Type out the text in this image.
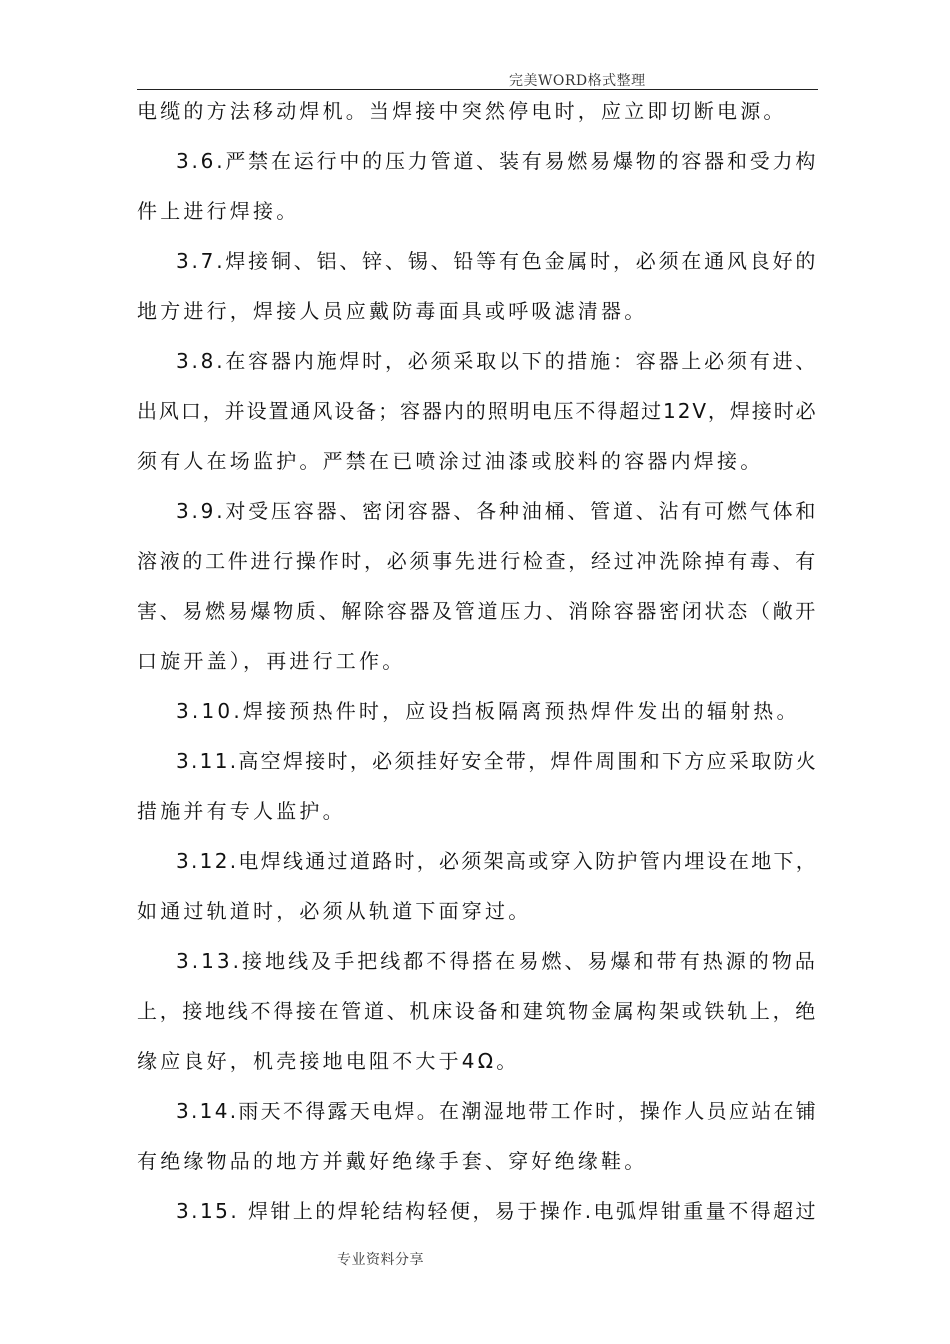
完美WORD格式整理
电缆的方法移动焊机。当焊接中突然停电时，应立即切断电源。
3.6.严禁在运行中的压力管道、装有易燃易爆物的容器和受力构
件上进行焊接。
3.7.焊接铜、铝、锌、锡、铅等有色金属时，必须在通风良好的
地方进行，焊接人员应戴防毒面具或呼吸滤清器。
3.8.在容器内施焊时，必须采取以下的措施：容器上必须有进、
出风口，并设置通风设备；容器内的照明电压不得超过12V，焊接时必
须有人在场监护。严禁在已喷涂过油漆或胶料的容器内焊接。
3.9.对受压容器、密闭容器、各种油桶、管道、沾有可燃气体和
溶液的工件进行操作时，必须事先进行检查，经过冲洗除掉有毒、有
害、易燃易爆物质、解除容器及管道压力、消除容器密闭状态（敞开
口旋开盖），再进行工作。
3.10.焊接预热件时，应设挡板隔离预热焊件发出的辐射热。
3.11.高空焊接时，必须挂好安全带，焊件周围和下方应采取防火
措施并有专人监护。
3.12.电焊线通过道路时，必须架高或穿入防护管内埋设在地下，
如通过轨道时，必须从轨道下面穿过。
3.13.接地线及手把线都不得搭在易燃、易爆和带有热源的物品
上，接地线不得接在管道、机床设备和建筑物金属构架或铁轨上，绝
缘应良好，机壳接地电阻不大于4Ω。
3.14.雨天不得露天电焊。在潮湿地带工作时，操作人员应站在铺
有绝缘物品的地方并戴好绝缘手套、穿好绝缘鞋。
3.15. 焊钳上的焊轮结构轻便，易于操作.电弧焊钳重量不得超过
专业资料分享
